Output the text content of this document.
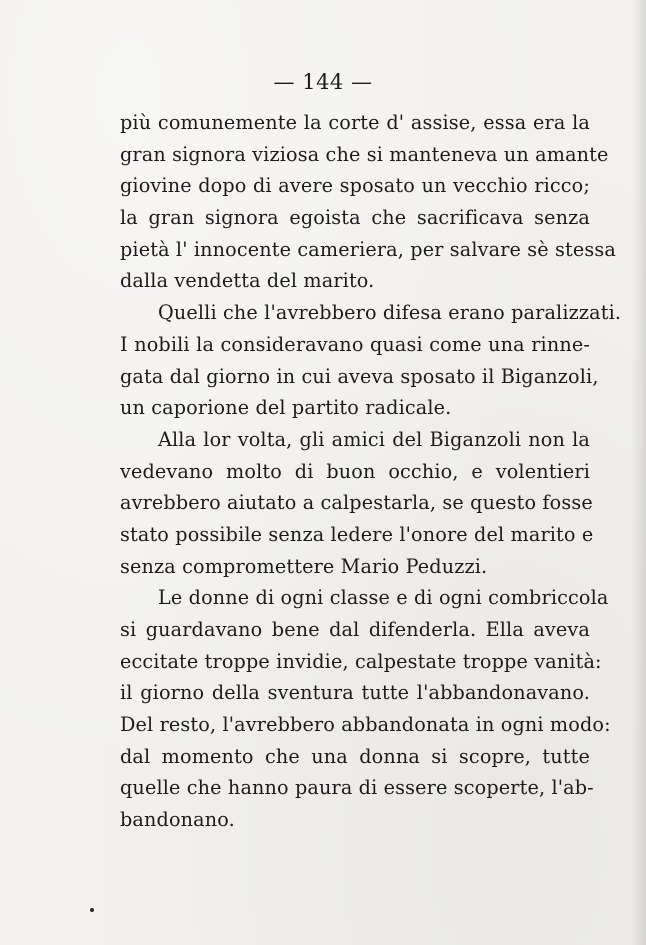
— 144 —
più comunemente la corte d' assise, essa era la
gran signora viziosa che si manteneva un amante
giovine dopo di avere sposato un vecchio ricco;
la gran signora egoista che sacrificava senza
pietà l' innocente cameriera, per salvare sè stessa
dalla vendetta del marito.
Quelli che l'avrebbero difesa erano paralizzati.
I nobili la consideravano quasi come una rinne-
gata dal giorno in cui aveva sposato il Biganzoli,
un caporione del partito radicale.
Alla lor volta, gli amici del Biganzoli non la
vedevano molto di buon occhio, e volentieri
avrebbero aiutato a calpestarla, se questo fosse
stato possibile senza ledere l'onore del marito e
senza compromettere Mario Peduzzi.
Le donne di ogni classe e di ogni combriccola
si guardavano bene dal difenderla. Ella aveva
eccitate troppe invidie, calpestate troppe vanità:
il giorno della sventura tutte l'abbandonavano.
Del resto, l'avrebbero abbandonata in ogni modo:
dal momento che una donna si scopre, tutte
quelle che hanno paura di essere scoperte, l'ab-
bandonano.
